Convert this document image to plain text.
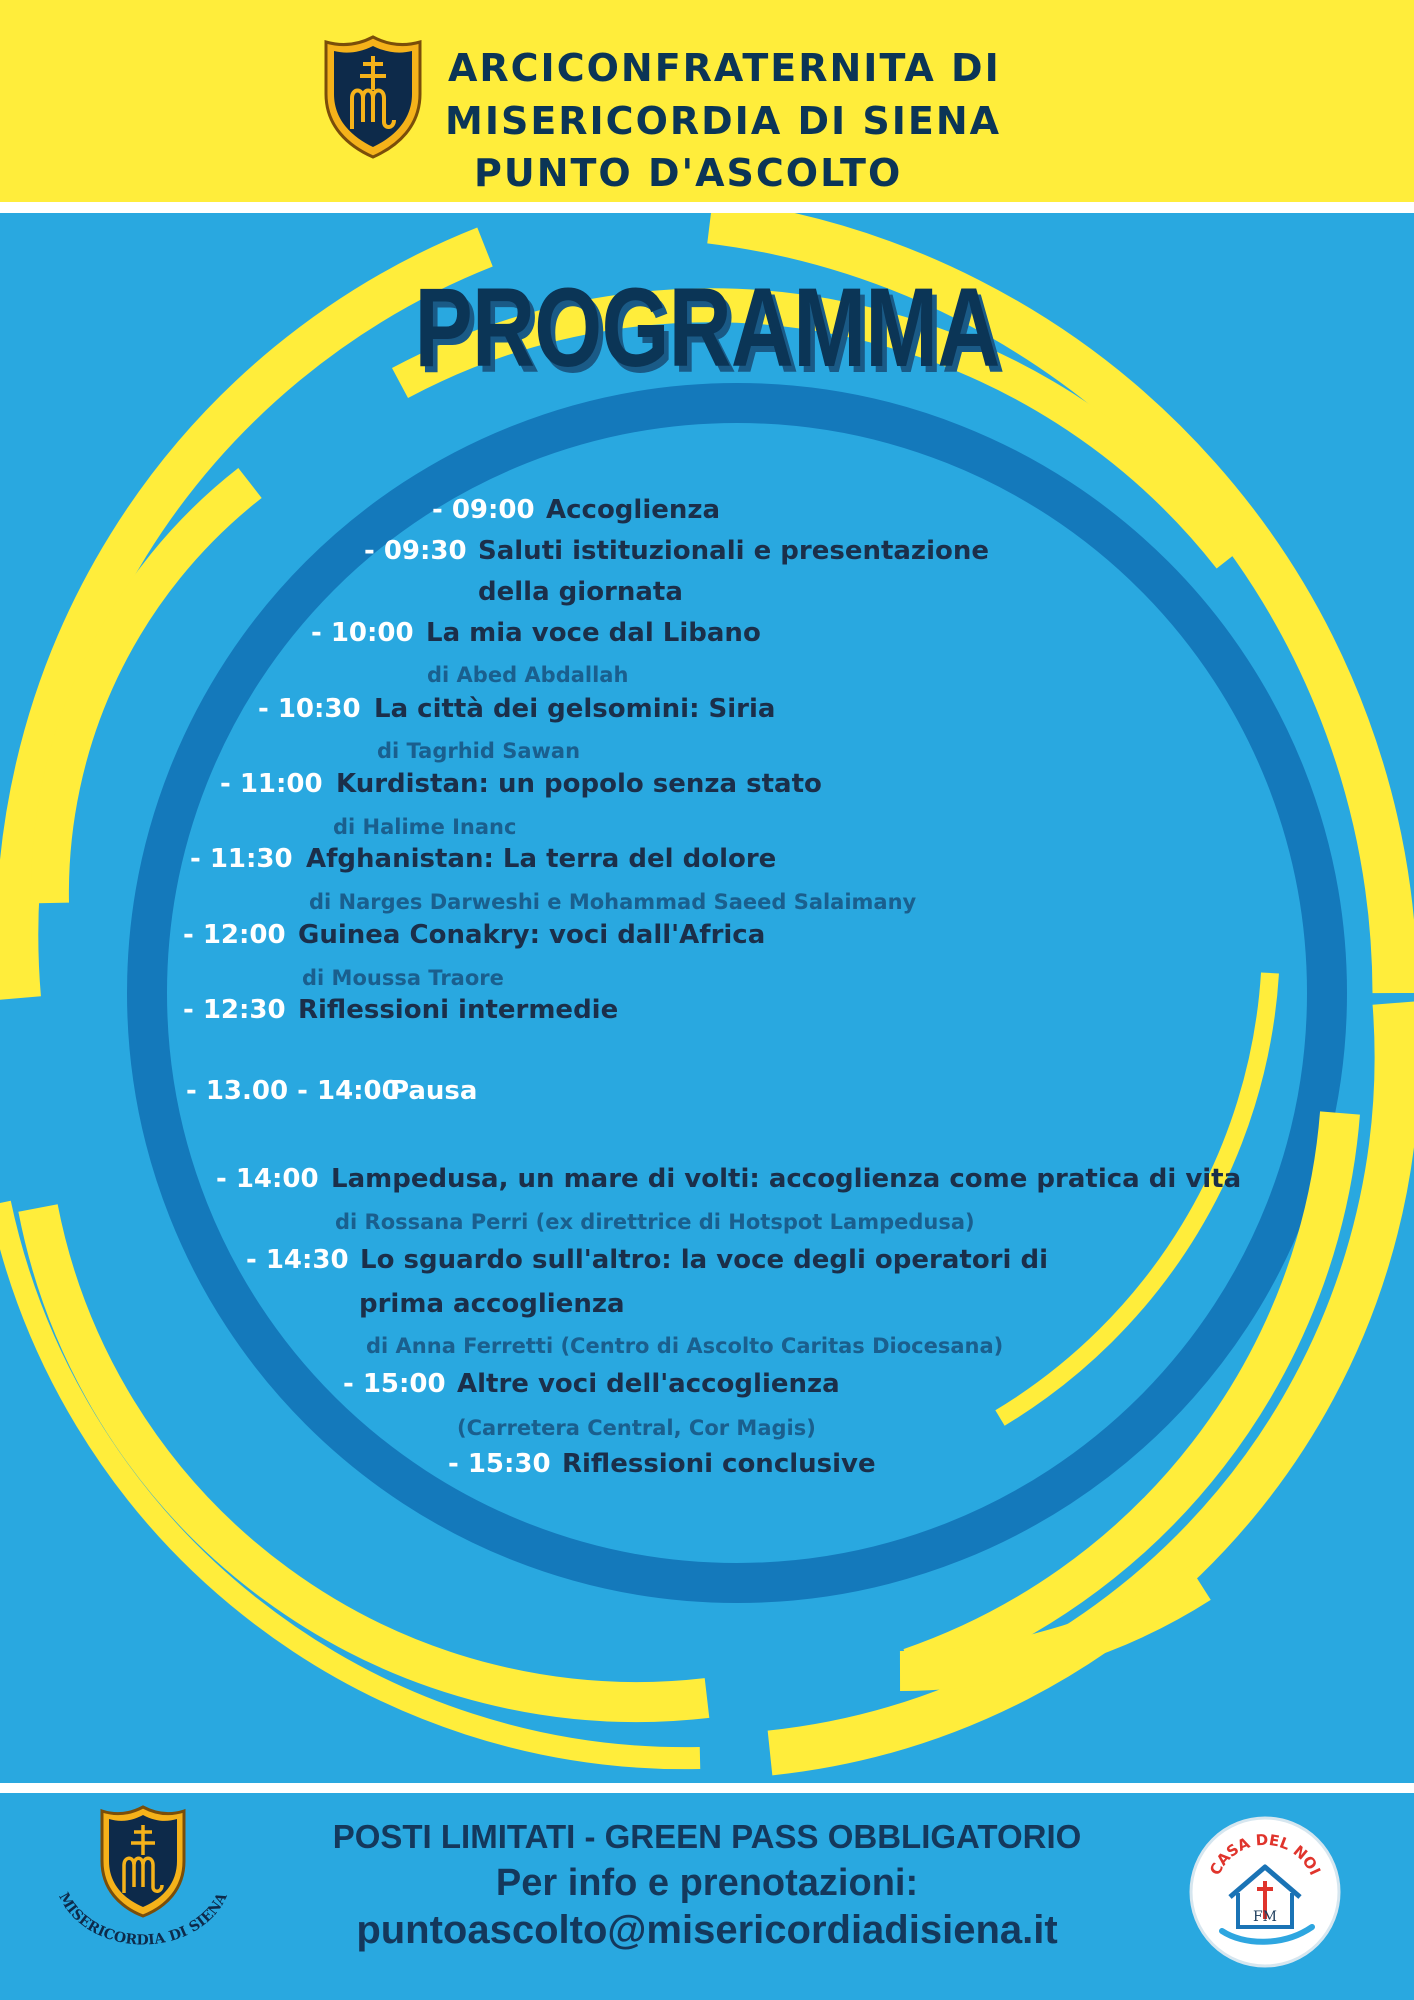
ARCICONFRATERNITA DI
MISERICORDIA DI SIENA
PUNTO D'ASCOLTO
PROGRAMMA
- 09:00 Accoglienza
- 09:30 Saluti istituzionali e presentazione
della giornata
- 10:00 La mia voce dal Libano
di Abed Abdallah
- 10:30 La città dei gelsomini: Siria
di Tagrhid Sawan
- 11:00 Kurdistan: un popolo senza stato
di Halime Inanc
- 11:30 Afghanistan: La terra del dolore
di Narges Darweshi e Mohammad Saeed Salaimany
- 12:00 Guinea Conakry: voci dall'Africa
di Moussa Traore
- 12:30 Riflessioni intermedie
- 13.00 - 14:00Pausa
- 14:00 Lampedusa, un mare di volti: accoglienza come pratica di vita
di Rossana Perri (ex direttrice di Hotspot Lampedusa)
- 14:30 Lo sguardo sull'altro: la voce degli operatori di
prima accoglienza
di Anna Ferretti (Centro di Ascolto Caritas Diocesana)
- 15:00 Altre voci dell'accoglienza
(Carretera Central, Cor Magis)
- 15:30 Riflessioni conclusive
MISERICORDIA DI SIENA
POSTI LIMITATI - GREEN PASS OBBLIGATORIO
Per info e prenotazioni:
puntoascolto@misericordiadisiena.it
CASA DEL NOI
FM
